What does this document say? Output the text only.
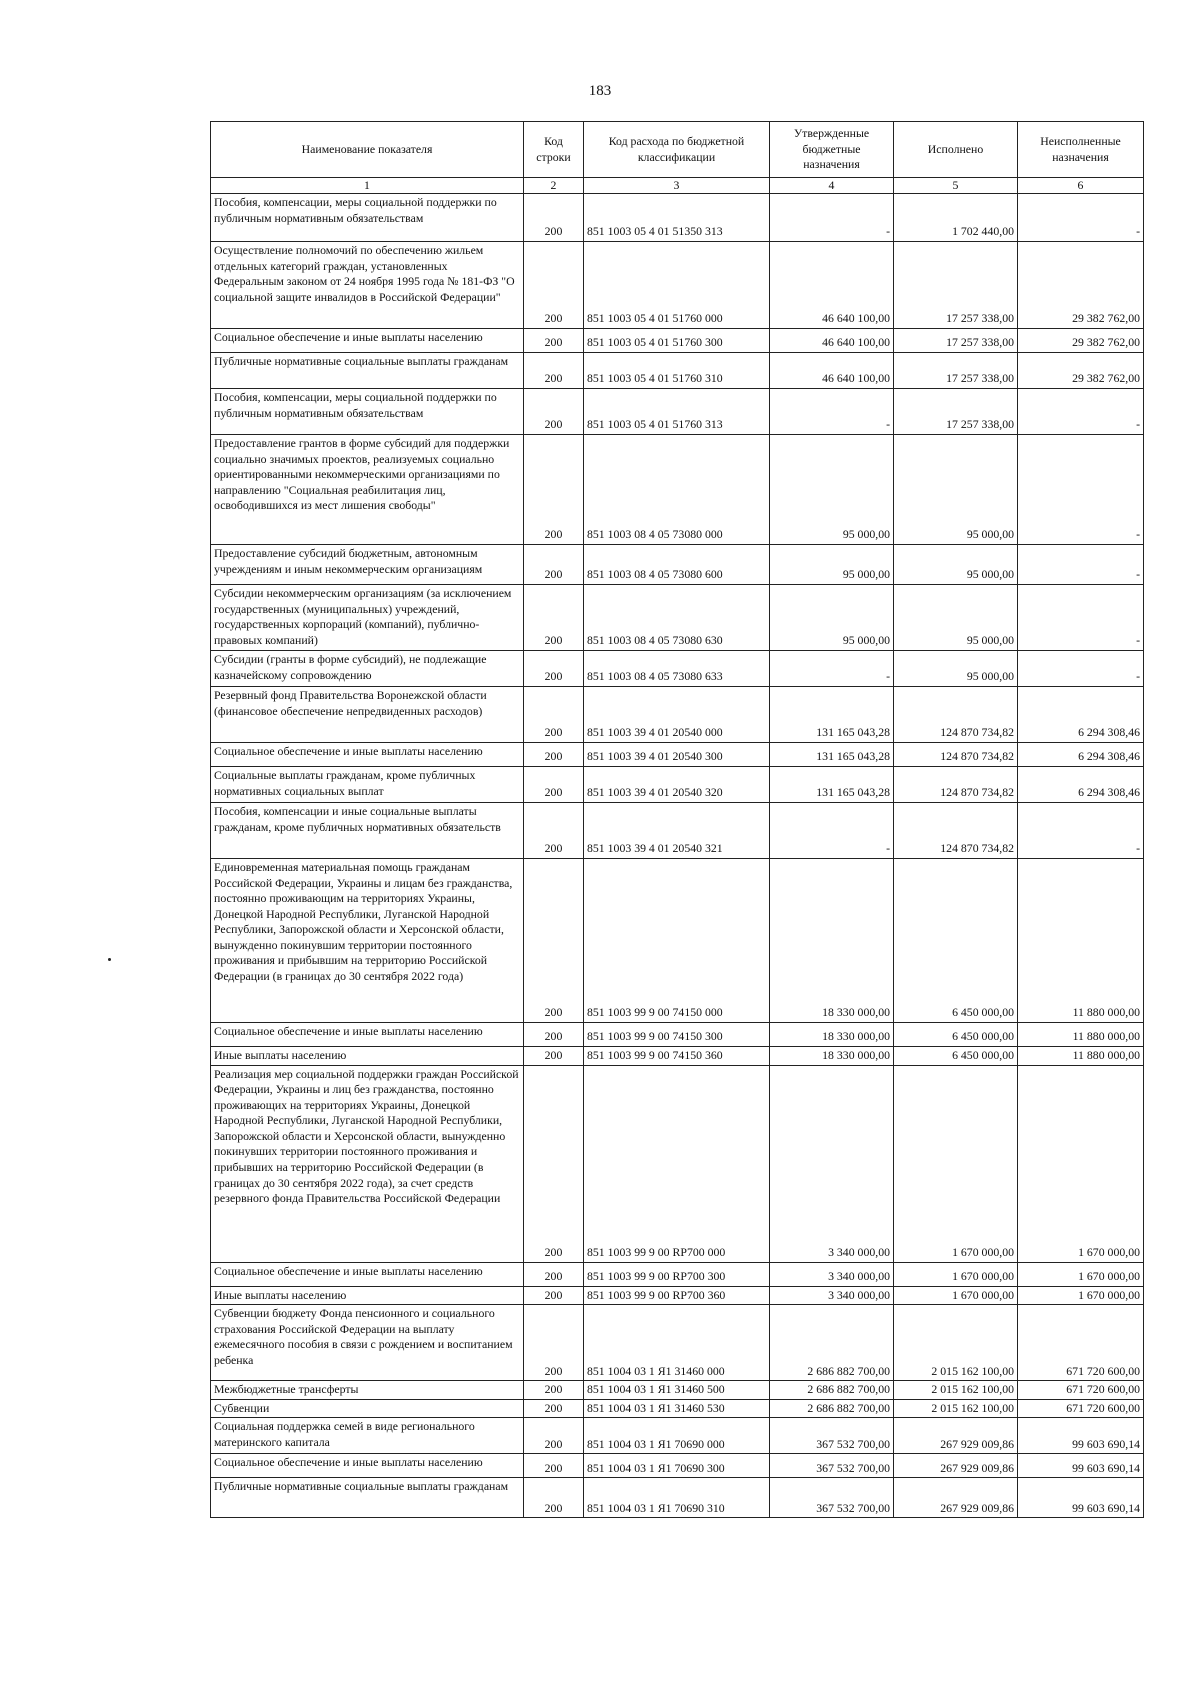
183
Наименование показателя	Код строки	Код расхода по бюджетной классификации	Утвержденные бюджетные назначения	Исполнено	Неисполненные назначения
1	2	3	4	5	6
Пособия, компенсации, меры социальной поддержки по публичным нормативным обязательствам	200	851 1003 05 4 01 51350 313	-	1 702 440,00	-
Осуществление полномочий по обеспечению жильем отдельных категорий граждан, установленных Федеральным законом от 24 ноября 1995 года № 181-ФЗ "О социальной защите инвалидов в Российской Федерации"	200	851 1003 05 4 01 51760 000	46 640 100,00	17 257 338,00	29 382 762,00
Социальное обеспечение и иные выплаты населению	200	851 1003 05 4 01 51760 300	46 640 100,00	17 257 338,00	29 382 762,00
Публичные нормативные социальные выплаты гражданам	200	851 1003 05 4 01 51760 310	46 640 100,00	17 257 338,00	29 382 762,00
Пособия, компенсации, меры социальной поддержки по публичным нормативным обязательствам	200	851 1003 05 4 01 51760 313	-	17 257 338,00	-
Предоставление грантов в форме субсидий для поддержки социально значимых проектов, реализуемых социально ориентированными некоммерческими организациями по направлению "Социальная реабилитация лиц, освободившихся из мест лишения свободы"	200	851 1003 08 4 05 73080 000	95 000,00	95 000,00	-
Предоставление субсидий бюджетным, автономным учреждениям и иным некоммерческим организациям	200	851 1003 08 4 05 73080 600	95 000,00	95 000,00	-
Субсидии некоммерческим организациям (за исключением государственных (муниципальных) учреждений, государственных корпораций (компаний), публично-правовых компаний)	200	851 1003 08 4 05 73080 630	95 000,00	95 000,00	-
Субсидии (гранты в форме субсидий), не подлежащие казначейскому сопровождению	200	851 1003 08 4 05 73080 633	-	95 000,00	-
Резервный фонд Правительства Воронежской области (финансовое обеспечение непредвиденных расходов)	200	851 1003 39 4 01 20540 000	131 165 043,28	124 870 734,82	6 294 308,46
Социальное обеспечение и иные выплаты населению	200	851 1003 39 4 01 20540 300	131 165 043,28	124 870 734,82	6 294 308,46
Социальные выплаты гражданам, кроме публичных нормативных социальных выплат	200	851 1003 39 4 01 20540 320	131 165 043,28	124 870 734,82	6 294 308,46
Пособия, компенсации и иные социальные выплаты гражданам, кроме публичных нормативных обязательств	200	851 1003 39 4 01 20540 321	-	124 870 734,82	-
Единовременная материальная помощь гражданам Российской Федерации, Украины и лицам без гражданства, постоянно проживающим на территориях Украины, Донецкой Народной Республики, Луганской Народной Республики, Запорожской области и Херсонской области, вынужденно покинувшим территории постоянного проживания и прибывшим на территорию Российской Федерации (в границах до 30 сентября 2022 года)	200	851 1003 99 9 00 74150 000	18 330 000,00	6 450 000,00	11 880 000,00
Социальное обеспечение и иные выплаты населению	200	851 1003 99 9 00 74150 300	18 330 000,00	6 450 000,00	11 880 000,00
Иные выплаты населению	200	851 1003 99 9 00 74150 360	18 330 000,00	6 450 000,00	11 880 000,00
Реализация мер социальной поддержки граждан Российской Федерации, Украины и лиц без гражданства, постоянно проживающих на территориях Украины, Донецкой Народной Республики, Луганской Народной Республики, Запорожской области и Херсонской области, вынужденно покинувших территории постоянного проживания и прибывших на территорию Российской Федерации (в границах до 30 сентября 2022 года), за счет средств резервного фонда Правительства Российской Федерации	200	851 1003 99 9 00 RP700 000	3 340 000,00	1 670 000,00	1 670 000,00
Социальное обеспечение и иные выплаты населению	200	851 1003 99 9 00 RP700 300	3 340 000,00	1 670 000,00	1 670 000,00
Иные выплаты населению	200	851 1003 99 9 00 RP700 360	3 340 000,00	1 670 000,00	1 670 000,00
Субвенции бюджету Фонда пенсионного и социального страхования Российской Федерации на выплату ежемесячного пособия в связи с рождением и воспитанием ребенка	200	851 1004 03 1 Я1 31460 000	2 686 882 700,00	2 015 162 100,00	671 720 600,00
Межбюджетные трансферты	200	851 1004 03 1 Я1 31460 500	2 686 882 700,00	2 015 162 100,00	671 720 600,00
Субвенции	200	851 1004 03 1 Я1 31460 530	2 686 882 700,00	2 015 162 100,00	671 720 600,00
Социальная поддержка семей в виде регионального материнского капитала	200	851 1004 03 1 Я1 70690 000	367 532 700,00	267 929 009,86	99 603 690,14
Социальное обеспечение и иные выплаты населению	200	851 1004 03 1 Я1 70690 300	367 532 700,00	267 929 009,86	99 603 690,14
Публичные нормативные социальные выплаты гражданам	200	851 1004 03 1 Я1 70690 310	367 532 700,00	267 929 009,86	99 603 690,14
